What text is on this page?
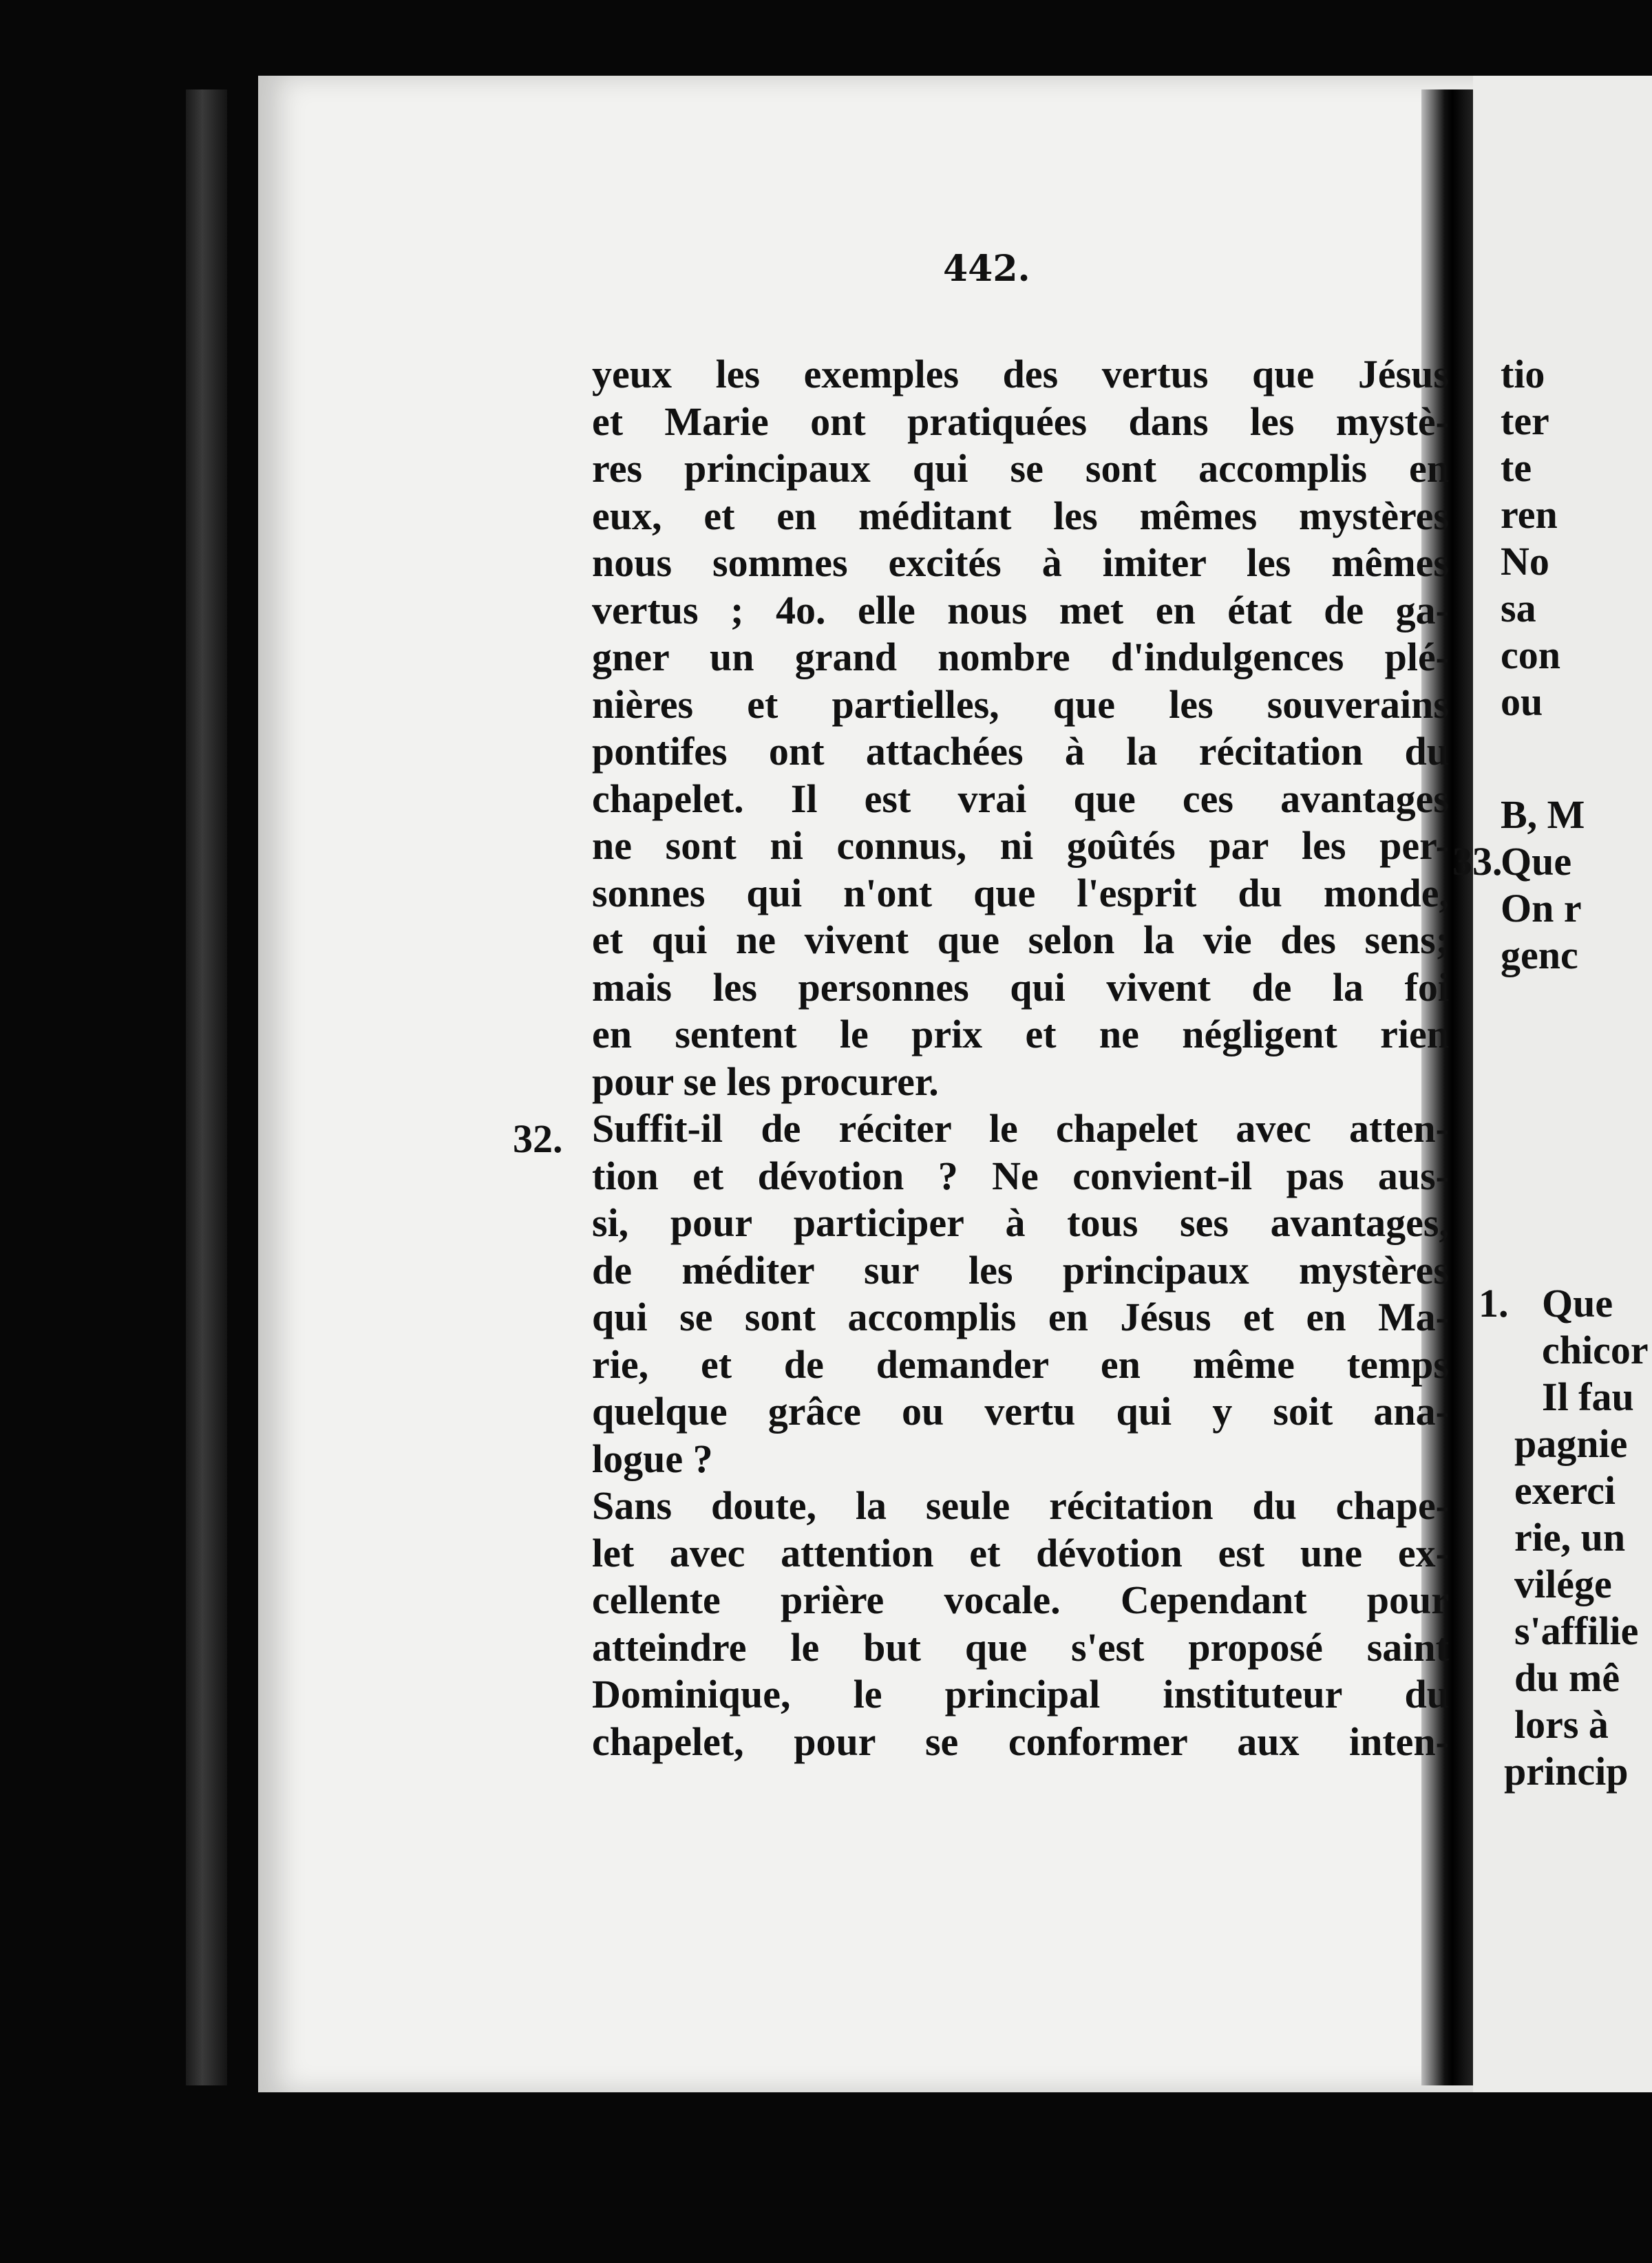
442.
yeux les exemples des vertus que Jésus
et Marie ont pratiquées dans les mystè-
res principaux qui se sont accomplis en
eux, et en méditant les mêmes mystères
nous sommes excités à imiter les mêmes
vertus ; 4o. elle nous met en état de ga-
gner un grand nombre d'indulgences plé-
nières et partielles, que les souverains
pontifes ont attachées à la récitation du
chapelet. Il est vrai que ces avantages
ne sont ni connus, ni goûtés par les per-
sonnes qui n'ont que l'esprit du monde,
et qui ne vivent que selon la vie des sens;
mais les personnes qui vivent de la foi
en sentent le prix et ne négligent rien
pour se les procurer.
Suffit-il de réciter le chapelet avec atten-
tion et dévotion ? Ne convient-il pas aus-
si, pour participer à tous ses avantages,
de méditer sur les principaux mystères
qui se sont accomplis en Jésus et en Ma-
rie, et de demander en même temps
quelque grâce ou vertu qui y soit ana-
logue ?
Sans doute, la seule récitation du chape-
let avec attention et dévotion est une ex-
cellente prière vocale. Cependant pour
atteindre le but que s'est proposé saint
Dominique, le principal instituteur du
chapelet, pour se conformer aux inten-
32.
tio
ter
te
ren
No
sa
con
ou
B, M
33.
Que
On r
genc
1. Que
chicor
Il fau
pagnie
exerci
rie, un
vilége
s'affilie
du mê
lors à
princip
